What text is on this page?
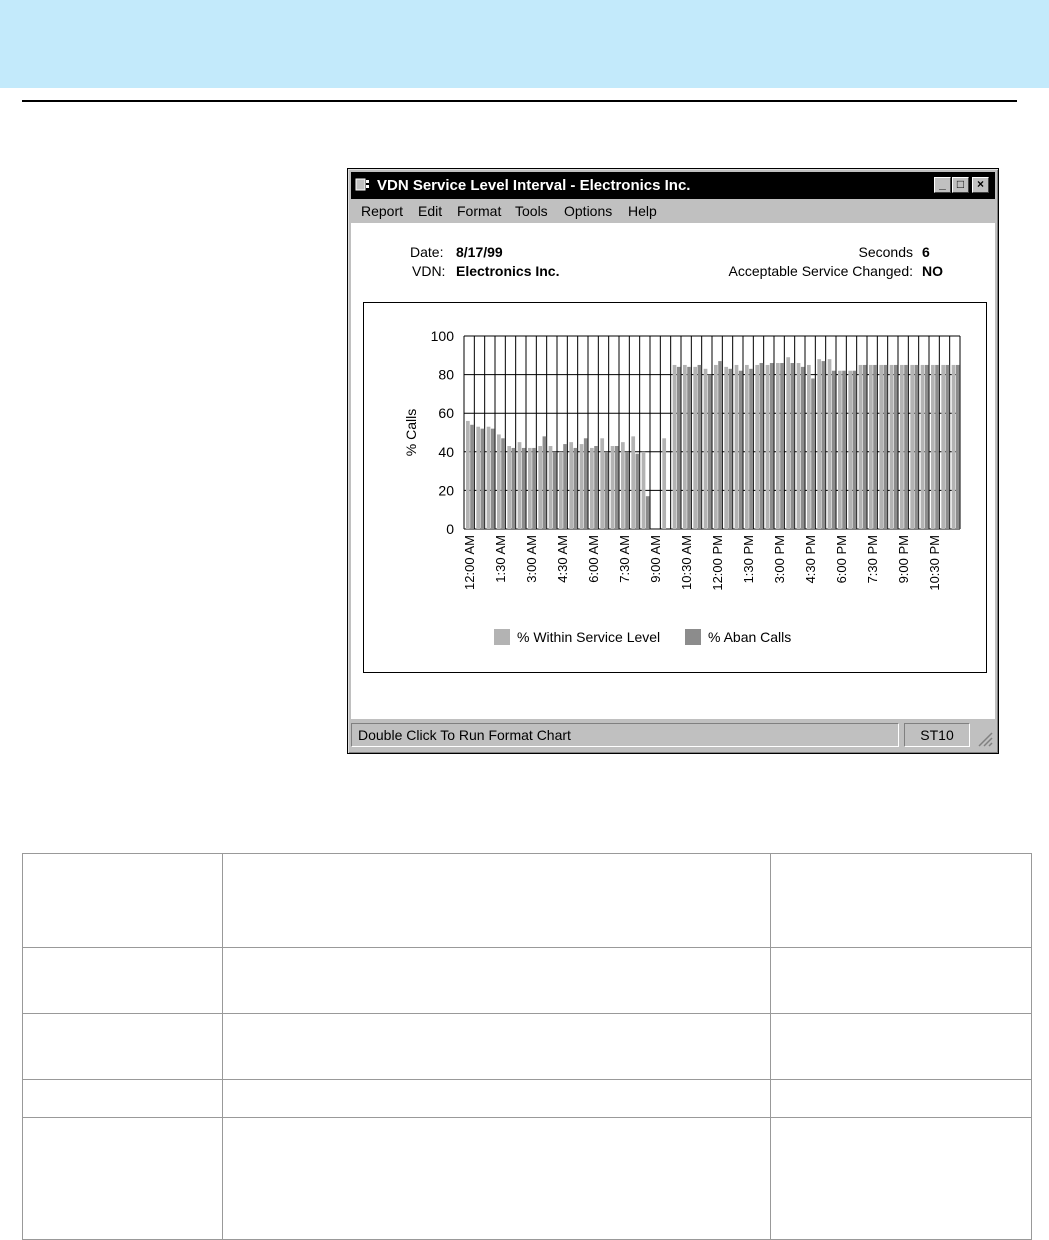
VDN Service Level Interval - Electronics Inc.	_ □	×
Report Edit Format Tools Options Help
Date: 8/17/99
VDN: Electronics Inc.
Seconds 6
Acceptable Service Changed: NO
0
20
40
60
80
100
12:00 AM 1:30 AM 3:00 AM 4:30 AM 6:00 AM 7:30 AM 9:00 AM 10:30 AM 12:00 PM 1:30 PM 3:00 PM 4:30 PM 6:00 PM 7:30 PM 9:00 PM 10:30 PM
% Calls
% Within Service Level	% Aban Calls
Double Click To Run Format Chart	ST10
